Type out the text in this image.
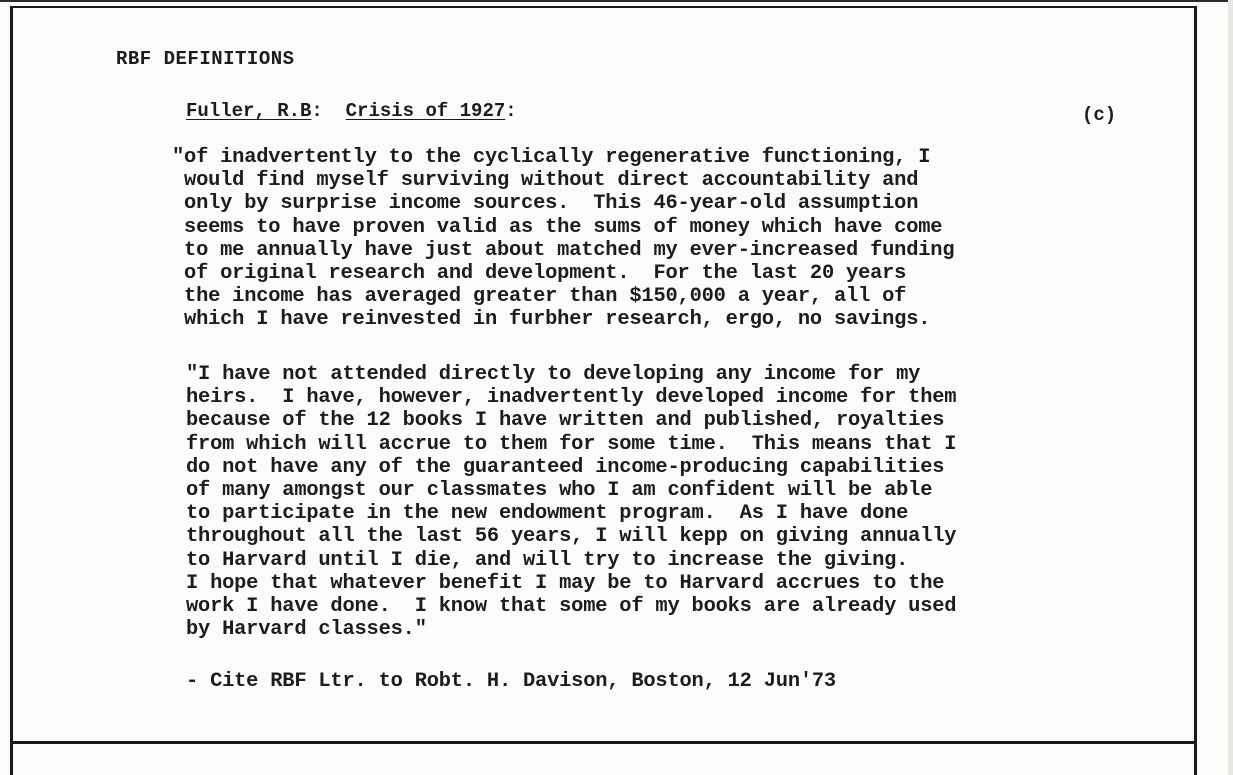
RBF DEFINITIONS
Fuller, R.B: Crisis of 1927:	(c)
"of inadvertently to the cyclically regenerative functioning, I
would find myself surviving without direct accountability and
only by surprise income sources.  This 46-year-old assumption
seems to have proven valid as the sums of money which have come
to me annually have just about matched my ever-increased funding
of original research and development.  For the last 20 years
the income has averaged greater than $150,000 a year, all of
which I have reinvested in furbher research, ergo, no savings.
"I have not attended directly to developing any income for my
heirs.  I have, however, inadvertently developed income for them
because of the 12 books I have written and published, royalties
from which will accrue to them for some time.  This means that I
do not have any of the guaranteed income-producing capabilities
of many amongst our classmates who I am confident will be able
to participate in the new endowment program.  As I have done
throughout all the last 56 years, I will kepp on giving annually
to Harvard until I die, and will try to increase the giving.
I hope that whatever benefit I may be to Harvard accrues to the
work I have done.  I know that some of my books are already used
by Harvard classes."
- Cite RBF Ltr. to Robt. H. Davison, Boston, 12 Jun'73
